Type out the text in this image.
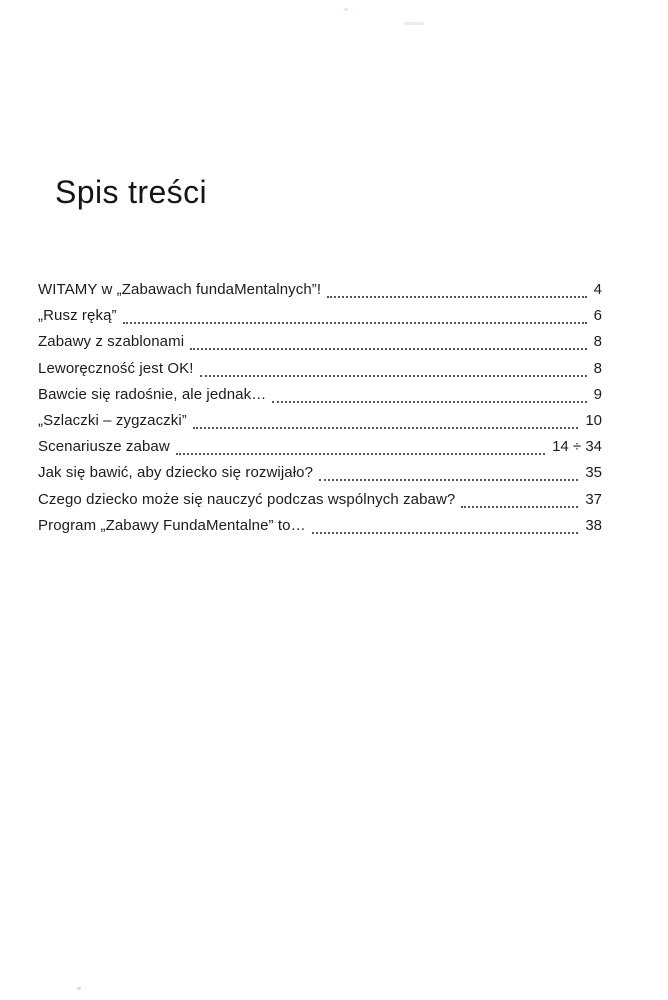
Spis treści
WITAMY w „Zabawach fundaMentalnych”!	4
„Rusz ręką”	6
Zabawy z szablonami	8
Leworęczność jest OK!	8
Bawcie się radośnie, ale jednak…	9
„Szlaczki – zygzaczki”	10
Scenariusze zabaw	14 ÷ 34
Jak się bawić, aby dziecko się rozwijało?	35
Czego dziecko może się nauczyć podczas wspólnych zabaw?	37
Program „Zabawy FundaMentalne” to…	38
